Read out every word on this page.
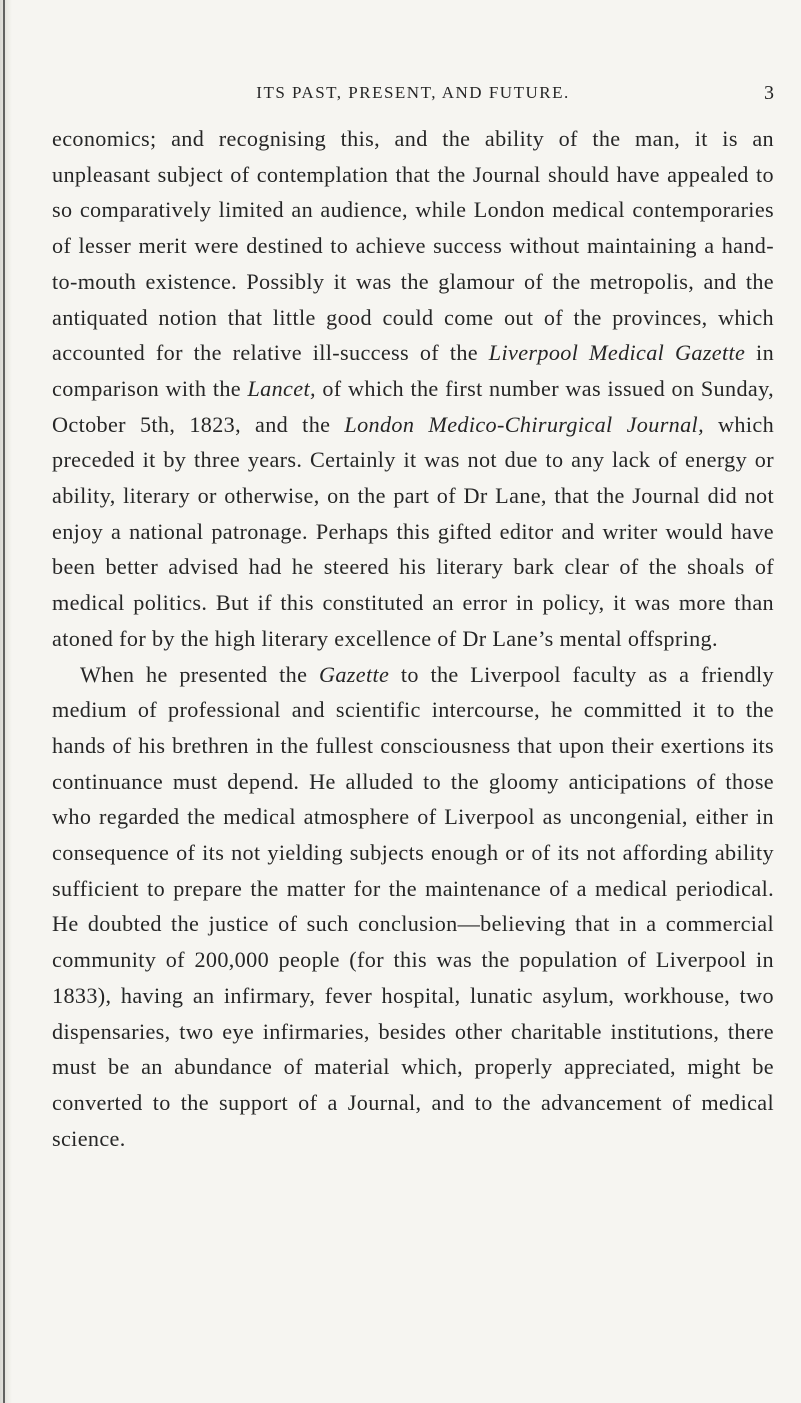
ITS PAST, PRESENT, AND FUTURE.	3

economics; and recognising this, and the ability of the man, it is an unpleasant subject of contemplation that the Journal should have appealed to so comparatively limited an audience, while London medical contemporaries of lesser merit were destined to achieve success without maintaining a hand-to-mouth existence. Possibly it was the glamour of the metropolis, and the antiquated notion that little good could come out of the provinces, which accounted for the relative ill-success of the Liverpool Medical Gazette in comparison with the Lancet, of which the first number was issued on Sunday, October 5th, 1823, and the London Medico-Chirurgical Journal, which preceded it by three years. Certainly it was not due to any lack of energy or ability, literary or otherwise, on the part of Dr Lane, that the Journal did not enjoy a national patronage. Perhaps this gifted editor and writer would have been better advised had he steered his literary bark clear of the shoals of medical politics. But if this constituted an error in policy, it was more than atoned for by the high literary excellence of Dr Lane’s mental offspring.

When he presented the Gazette to the Liverpool faculty as a friendly medium of professional and scientific intercourse, he committed it to the hands of his brethren in the fullest consciousness that upon their exertions its continuance must depend. He alluded to the gloomy anticipations of those who regarded the medical atmosphere of Liverpool as uncongenial, either in consequence of its not yielding subjects enough or of its not affording ability sufficient to prepare the matter for the maintenance of a medical periodical. He doubted the justice of such conclusion—believing that in a commercial community of 200,000 people (for this was the population of Liverpool in 1833), having an infirmary, fever hospital, lunatic asylum, workhouse, two dispensaries, two eye infirmaries, besides other charitable institutions, there must be an abundance of material which, properly appreciated, might be converted to the support of a Journal, and to the advancement of medical science.
